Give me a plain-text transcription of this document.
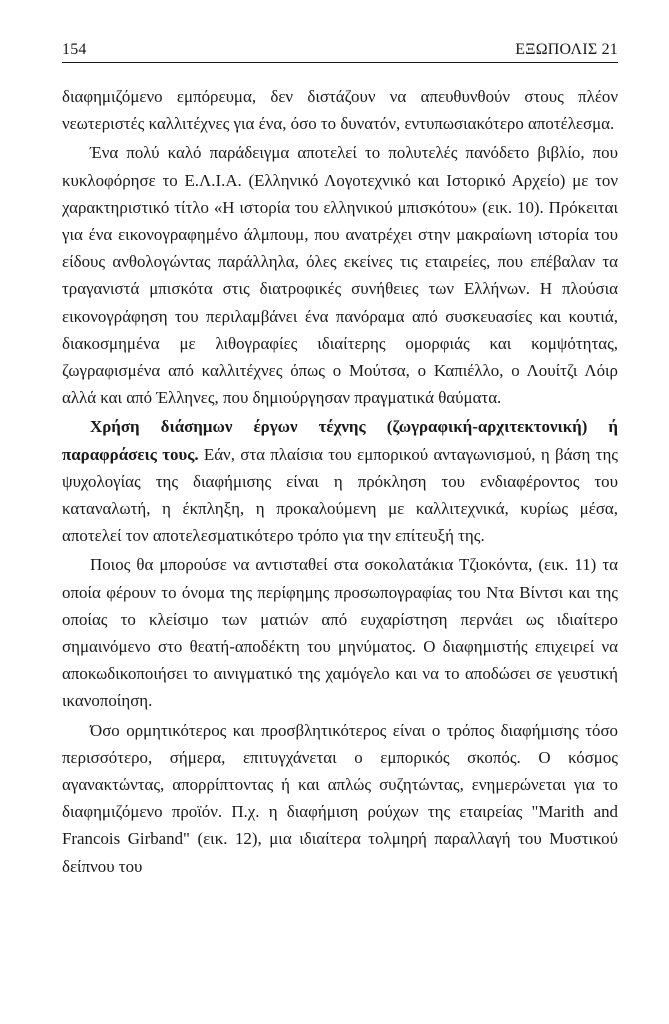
154	ΕΞΩΠΟΛΙΣ 21

διαφημιζόμενο εμπόρευμα, δεν διστάζουν να απευθυνθούν στους πλέον νεωτεριστές καλλιτέχνες για ένα, όσο το δυνατόν, εντυπωσιακότερο αποτέλεσμα.

Ένα πολύ καλό παράδειγμα αποτελεί το πολυτελές πανόδετο βιβλίο, που κυκλοφόρησε το Ε.Λ.Ι.Α. (Ελληνικό Λογοτεχνικό και Ιστορικό Αρχείο) με τον χαρακτηριστικό τίτλο «Η ιστορία του ελληνικού μπισκότου» (εικ. 10). Πρόκειται για ένα εικονογραφημένο άλμπουμ, που ανατρέχει στην μακραίωνη ιστορία του είδους ανθολογώντας παράλληλα, όλες εκείνες τις εταιρείες, που επέβαλαν τα τραγανιστά μπισκότα στις διατροφικές συνήθειες των Ελλήνων. Η πλούσια εικονογράφηση του περιλαμβάνει ένα πανόραμα από συσκευασίες και κουτιά, διακοσμημένα με λιθογραφίες ιδιαίτερης ομορφιάς και κομψότητας, ζωγραφισμένα από καλλιτέχνες όπως ο Μούτσα, ο Καπιέλλο, ο Λουίτζι Λόιρ αλλά και από Έλληνες, που δημιούργησαν πραγματικά θαύματα.

Χρήση διάσημων έργων τέχνης (ζωγραφική-αρχιτεκτονική) ή παραφράσεις τους. Εάν, στα πλαίσια του εμπορικού ανταγωνισμού, η βάση της ψυχολογίας της διαφήμισης είναι η πρόκληση του ενδιαφέροντος του καταναλωτή, η έκπληξη, η προκαλούμενη με καλλιτεχνικά, κυρίως μέσα, αποτελεί τον αποτελεσματικότερο τρόπο για την επίτευξή της.

Ποιος θα μπορούσε να αντισταθεί στα σοκολατάκια Τζιοκόντα, (εικ. 11) τα οποία φέρουν το όνομα της περίφημης προσωπογραφίας του Ντα Βίντσι και της οποίας το κλείσιμο των ματιών από ευχαρίστηση περνάει ως ιδιαίτερο σημαινόμενο στο θεατή-αποδέκτη του μηνύματος. Ο διαφημιστής επιχειρεί να αποκωδικοποιήσει το αινιγματικό της χαμόγελο και να το αποδώσει σε γευστική ικανοποίηση.

Όσο ορμητικότερος και προσβλητικότερος είναι ο τρόπος διαφήμισης τόσο περισσότερο, σήμερα, επιτυγχάνεται ο εμπορικός σκοπός. Ο κόσμος αγανακτώντας, απορρίπτοντας ή και απλώς συζητώντας, ενημερώνεται για το διαφημιζόμενο προϊόν. Π.χ. η διαφήμιση ρούχων της εταιρείας "Marith and Francois Girband" (εικ. 12), μια ιδιαίτερα τολμηρή παραλλαγή του Μυστικού δείπνου του
